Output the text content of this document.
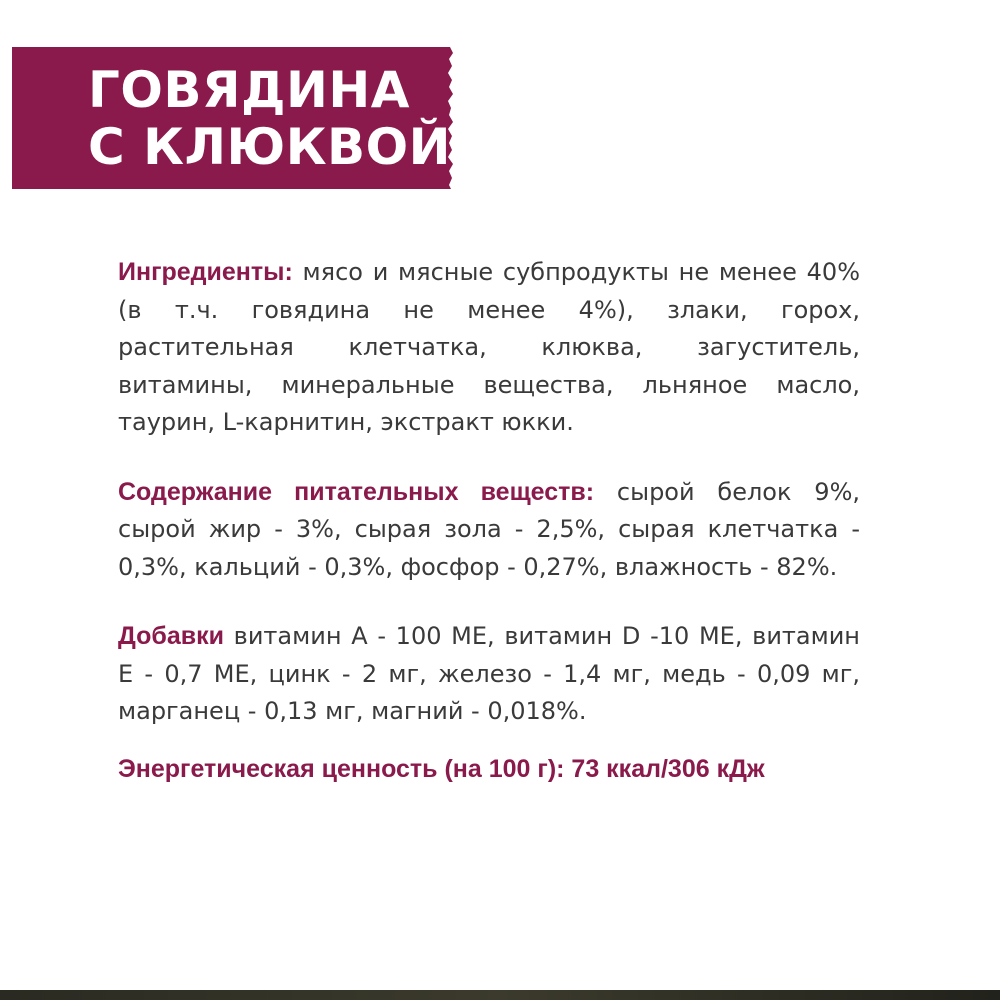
ГОВЯДИНА
С КЛЮКВОЙ

Ингредиенты: мясо и мясные субпродукты не менее 40% (в т.ч. говядина не менее 4%), злаки, горох, растительная клетчатка, клюква, загуститель, витамины, минеральные вещества, льняное масло, таурин, L-карнитин, экстракт юкки.

Содержание питательных веществ: сырой белок 9%, сырой жир - 3%, сырая зола - 2,5%, сырая клетчатка - 0,3%, кальций - 0,3%, фосфор - 0,27%, влажность - 82%.

Добавки витамин А - 100 МЕ, витамин D -10 МЕ, витамин Е - 0,7 МЕ, цинк - 2 мг, железо - 1,4 мг, медь - 0,09 мг, марганец - 0,13 мг, магний - 0,018%.

Энергетическая ценность (на 100 г): 73 ккал/306 кДж
